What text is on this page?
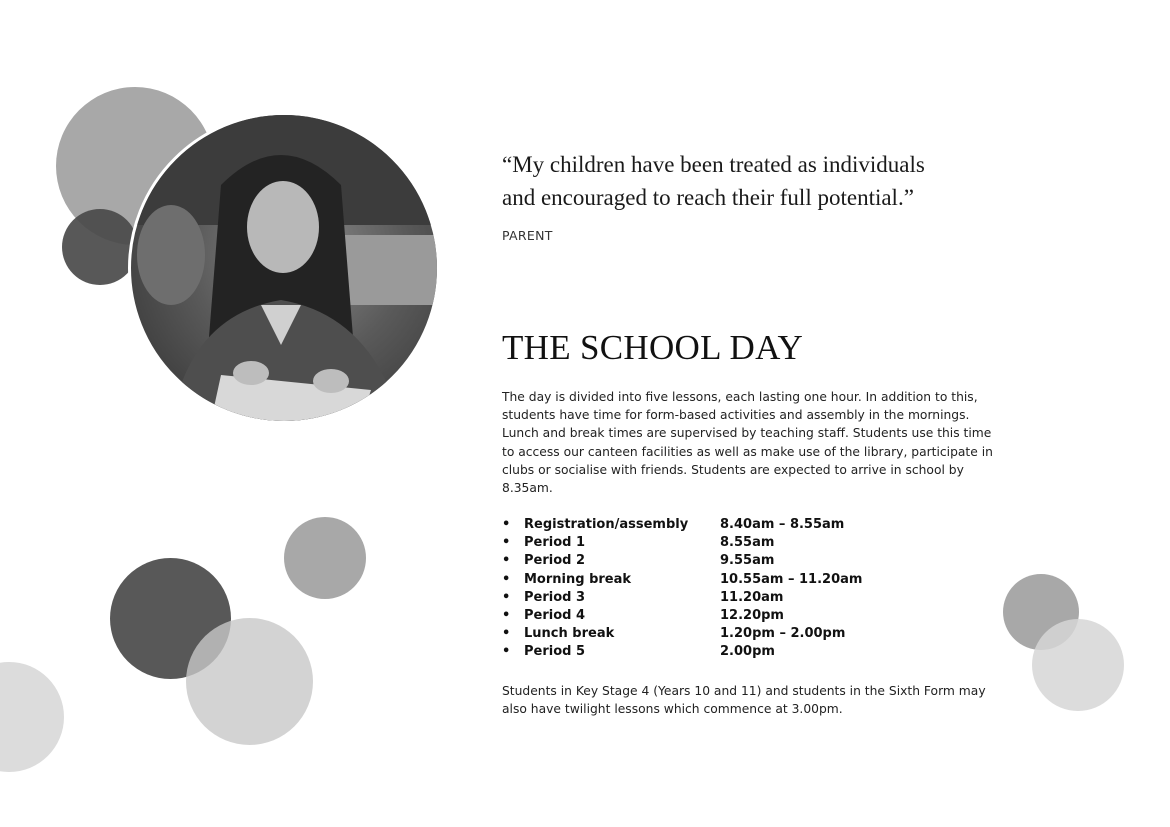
“My children have been treated as individuals
and encouraged to reach their full potential.”
PARENT
THE SCHOOL DAY
The day is divided into five lessons, each lasting one hour. In addition to this, students have time for form-based activities and assembly in the mornings. Lunch and break times are supervised by teaching staff. Students use this time to access our canteen facilities as well as make use of the library, participate in clubs or socialise with friends. Students are expected to arrive in school by 8.35am.
• Registration/assembly 8.40am – 8.55am
• Period 1	8.55am
• Period 2	9.55am
• Morning break	10.55am – 11.20am
• Period 3	11.20am
• Period 4	12.20pm
• Lunch break	1.20pm – 2.00pm
• Period 5	2.00pm
Students in Key Stage 4 (Years 10 and 11) and students in the Sixth Form may also have twilight lessons which commence at 3.00pm.
